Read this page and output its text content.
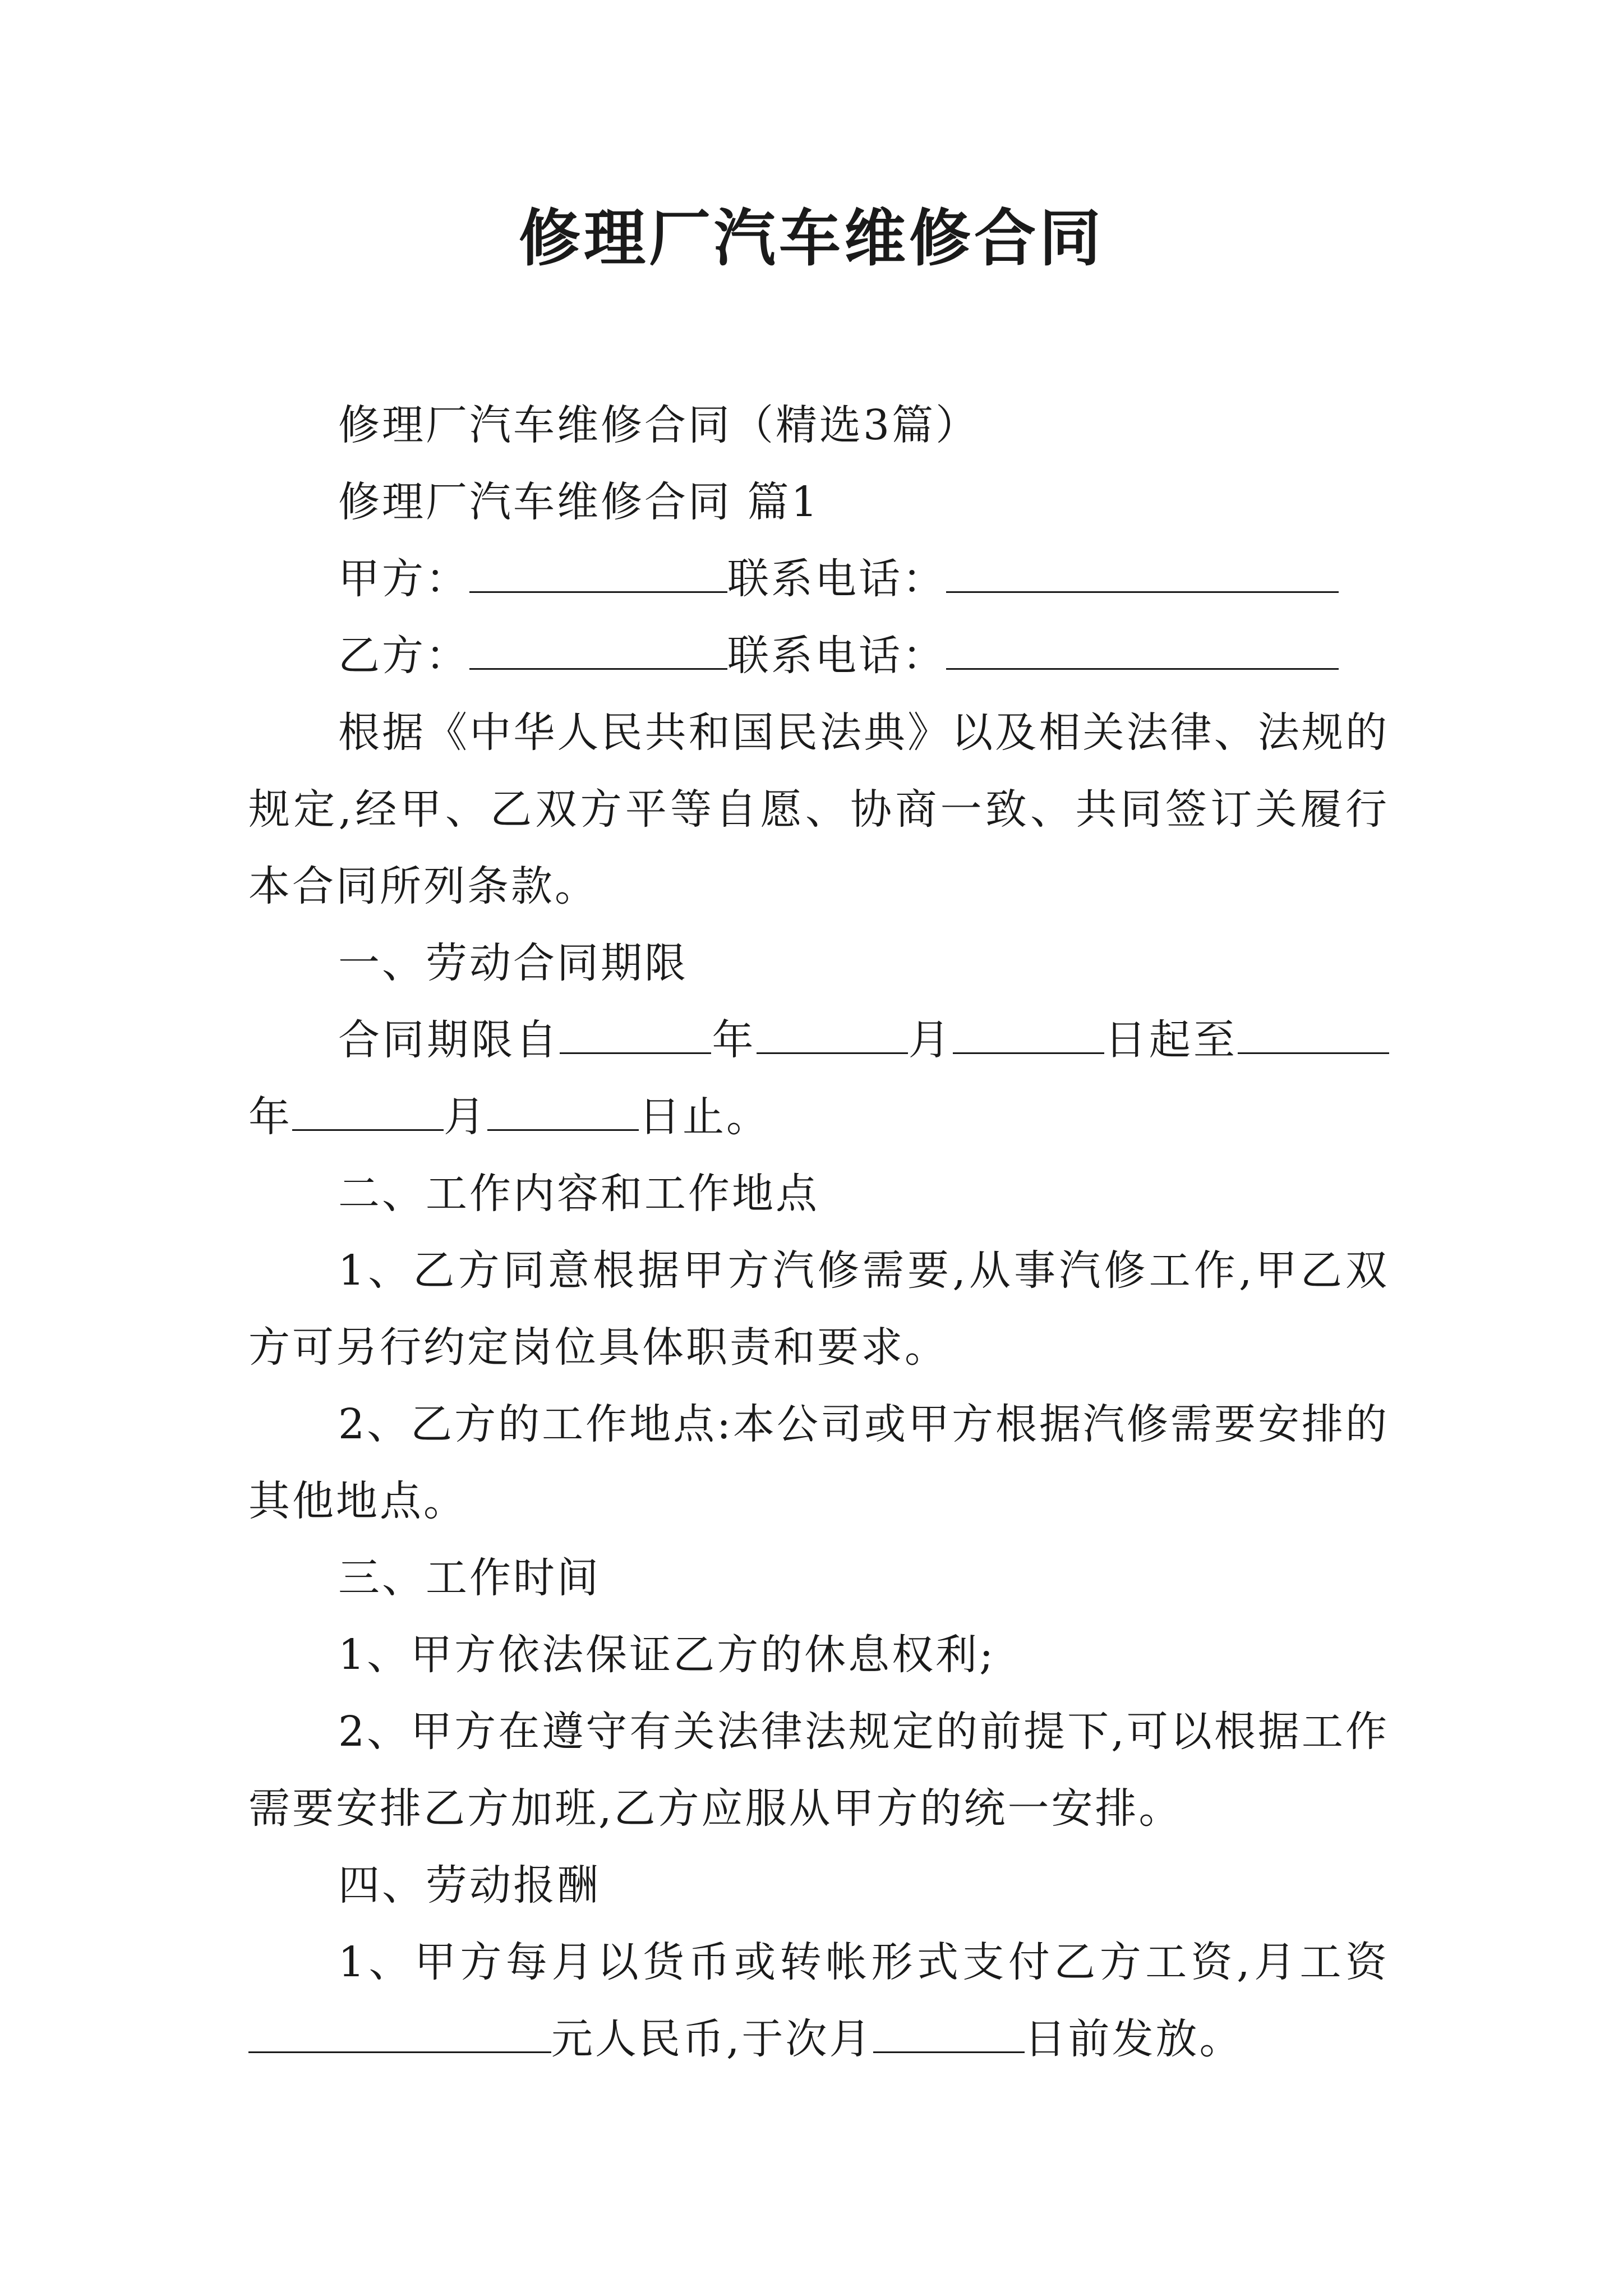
修理厂汽车维修合同

修理厂汽车维修合同（精选3篇）

修理厂汽车维修合同 篇1

甲方：	联系电话：

乙方：	联系电话：

根据《中华人民共和国民法典》以及相关法律、法规的规定,经甲、乙双方平等自愿、协商一致、共同签订关履行本合同所列条款。

一、劳动合同期限

合同期限自	年	月	日起至年	月	日止。

二、工作内容和工作地点

1、乙方同意根据甲方汽修需要,从事汽修工作,甲乙双方可另行约定岗位具体职责和要求。

2、乙方的工作地点:本公司或甲方根据汽修需要安排的其他地点。

三、工作时间

1、甲方依法保证乙方的休息权利;

2、甲方在遵守有关法律法规定的前提下,可以根据工作需要安排乙方加班,乙方应服从甲方的统一安排。

四、劳动报酬

1、甲方每月以货币或转帐形式支付乙方工资,月工资元人民币,于次月	日前发放。
